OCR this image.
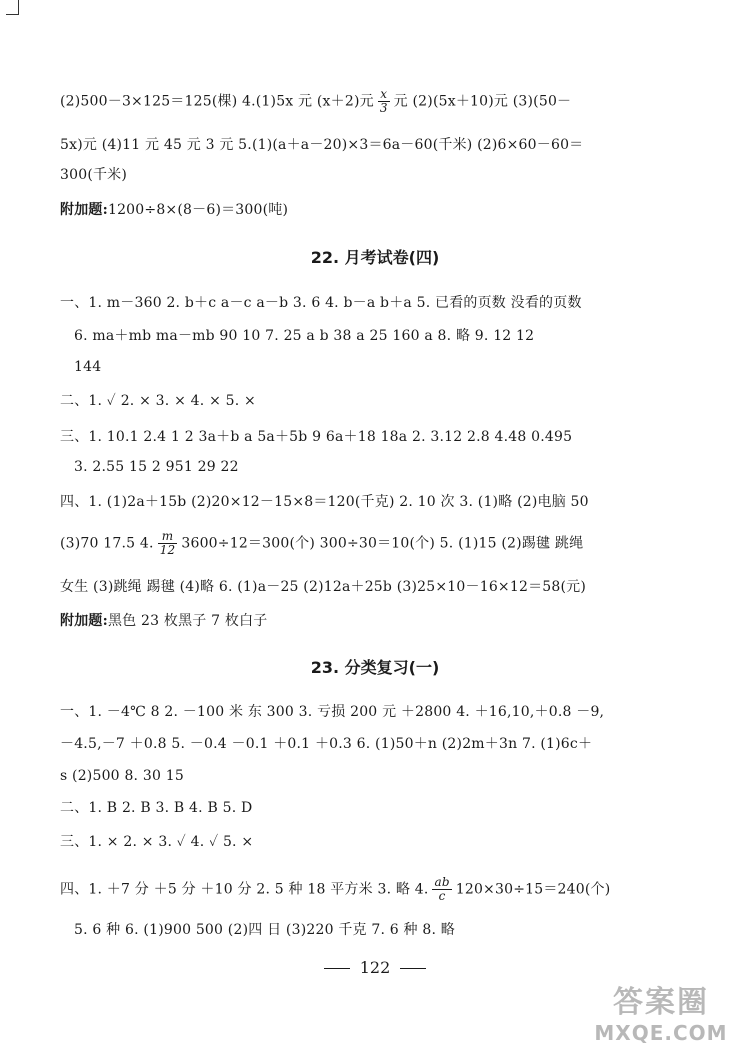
(2)500－3×125＝125(棵) 4.(1)5x 元 (x＋2)元 $\frac{x}{3}$ 元 (2)(5x＋10)元 (3)(50－
5x)元 (4)11 元 45 元 3 元 5.(1)(a＋a－20)×3＝6a－60(千米) (2)6×60－60＝
300(千米)
附加题:1200÷8×(8－6)＝300(吨)
22. 月考试卷(四)
一、1. m－360 2. b＋c a－c a－b 3. 6 4. b－a b＋a 5. 已看的页数 没看的页数
6. ma＋mb ma－mb 90 10 7. 25 a b 38 a 25 160 a 8. 略 9. 12 12
144
二、1. ✓ 2. × 3. × 4. × 5. ×
三、1. 10.1 2.4 1 2 3a＋b a 5a＋5b 9 6a＋18 18a 2. 3.12 2.8 4.48 0.495
3. 2.55 15 2 951 29 22
四、1. (1)2a＋15b (2)20×12－15×8＝120(千克) 2. 10 次 3. (1)略 (2)电脑 50
(3)70 17.5 4. $\frac{m}{12} 3600\div 12=300$(个) 300÷30＝10(个) 5. (1)15 (2)踢毽 跳绳
女生 (3)跳绳 踢毽 (4)略 6. (1)a－25 (2)12a＋25b (3)25×10－16×12＝58(元)
附加题:黑色 23 枚黑子 7 枚白子
23. 分类复习(一)
一、1. －4℃ 8 2. －100 米 东 300 3. 亏损 200 元 ＋2800 4. ＋16,10,＋0.8 －9,
－4.5,－7 ＋0.8 5. －0.4 －0.1 ＋0.1 ＋0.3 6. (1)50＋n (2)2m＋3n 7. (1)6c＋
s (2)500 8. 30 15
二、1. B 2. B 3. B 4. B 5. D
三、1. × 2. × 3. ✓ 4. ✓ 5. ×
四、1. ＋7 分 ＋5 分 ＋10 分 2. 5 种 18 平方米 3. 略 4. $\frac{ab}{c} 120\times 30\div 15=240$(个)
5. 6 种 6. (1)900 500 (2)四 日 (3)220 千克 7. 6 种 8. 略
122
答案圈
MXQE.COM
